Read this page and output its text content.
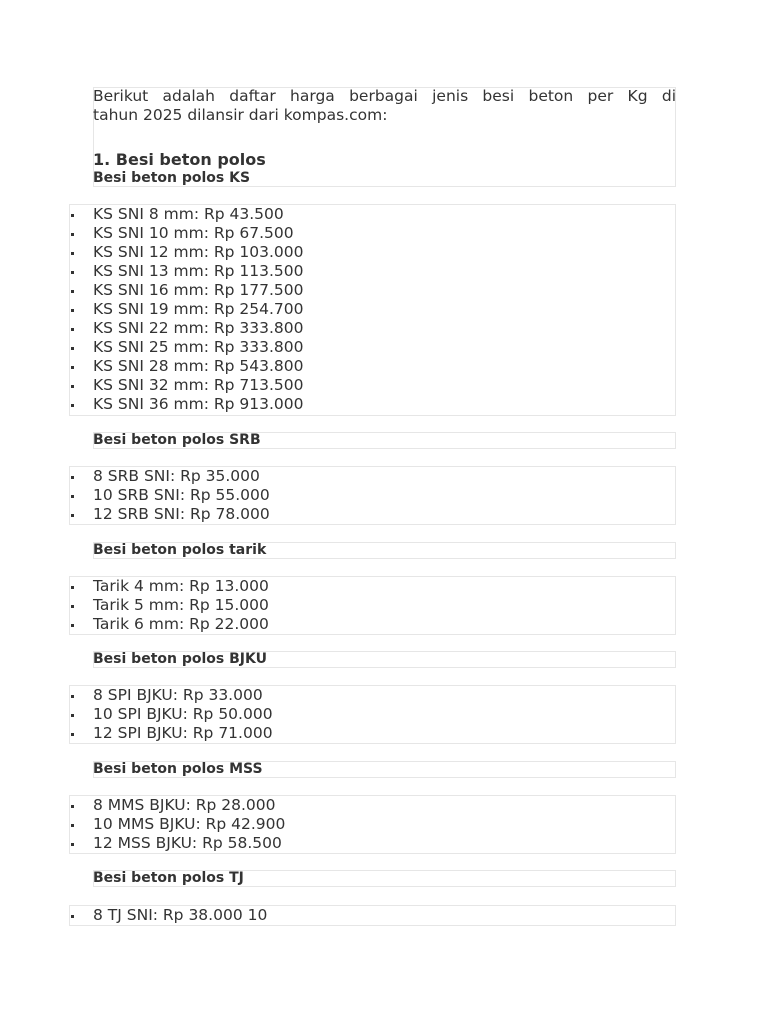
Berikut adalah daftar harga berbagai jenis besi beton per Kg di
tahun 2025 dilansir dari kompas.com:

1. Besi beton polos
Besi beton polos KS
KS SNI 8 mm: Rp 43.500
KS SNI 10 mm: Rp 67.500
KS SNI 12 mm: Rp 103.000
KS SNI 13 mm: Rp 113.500
KS SNI 16 mm: Rp 177.500
KS SNI 19 mm: Rp 254.700
KS SNI 22 mm: Rp 333.800
KS SNI 25 mm: Rp 333.800
KS SNI 28 mm: Rp 543.800
KS SNI 32 mm: Rp 713.500
KS SNI 36 mm: Rp 913.000
Besi beton polos SRB
8 SRB SNI: Rp 35.000
10 SRB SNI: Rp 55.000
12 SRB SNI: Rp 78.000
Besi beton polos tarik
Tarik 4 mm: Rp 13.000
Tarik 5 mm: Rp 15.000
Tarik 6 mm: Rp 22.000
Besi beton polos BJKU
8 SPI BJKU: Rp 33.000
10 SPI BJKU: Rp 50.000
12 SPI BJKU: Rp 71.000
Besi beton polos MSS
8 MMS BJKU: Rp 28.000
10 MMS BJKU: Rp 42.900
12 MSS BJKU: Rp 58.500
Besi beton polos TJ
8 TJ SNI: Rp 38.000 10
